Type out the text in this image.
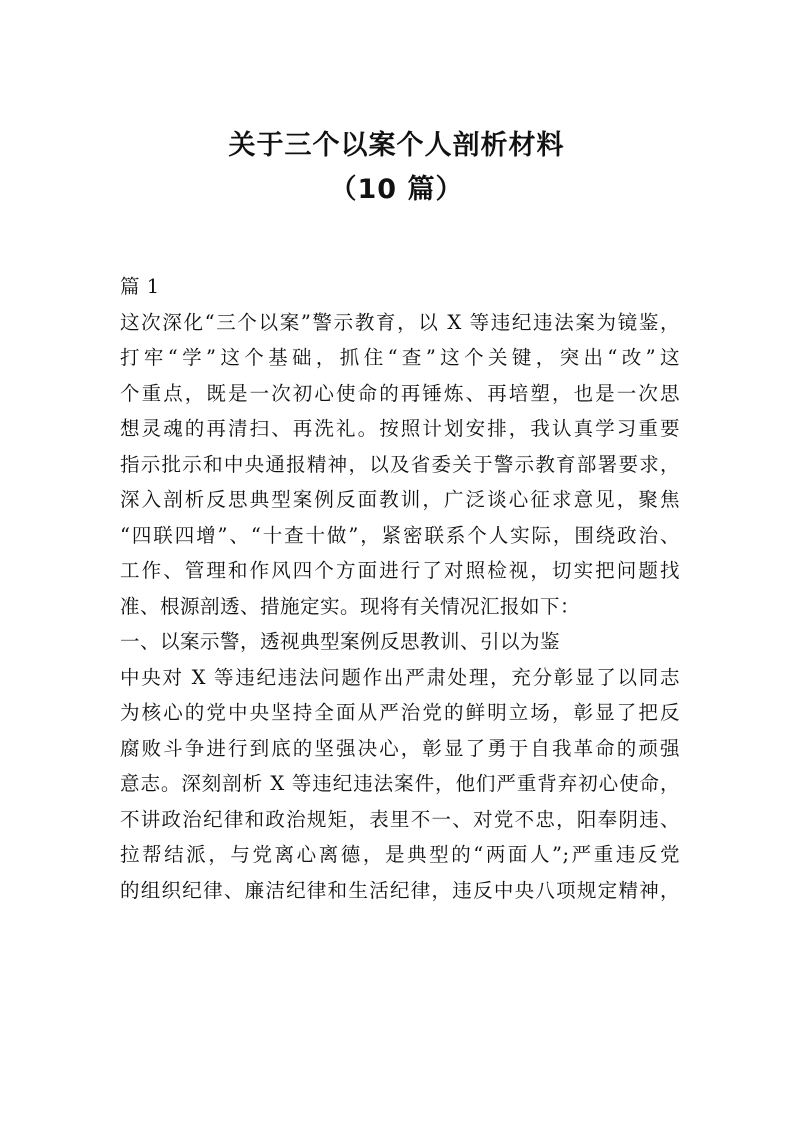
关于三个以案个人剖析材料
（10 篇）
篇 1
这次深化“三个以案”警示教育，以 X 等违纪违法案为镜鉴，
打牢“学”这个基础，抓住“查”这个关键，突出“改”这
个重点，既是一次初心使命的再锤炼、再培塑，也是一次思
想灵魂的再清扫、再洗礼。按照计划安排，我认真学习重要
指示批示和中央通报精神，以及省委关于警示教育部署要求，
深入剖析反思典型案例反面教训，广泛谈心征求意见，聚焦
“四联四增”、“十查十做”，紧密联系个人实际，围绕政治、
工作、管理和作风四个方面进行了对照检视，切实把问题找
准、根源剖透、措施定实。现将有关情况汇报如下：
一、以案示警，透视典型案例反思教训、引以为鉴
中央对 X 等违纪违法问题作出严肃处理，充分彰显了以同志
为核心的党中央坚持全面从严治党的鲜明立场，彰显了把反
腐败斗争进行到底的坚强决心，彰显了勇于自我革命的顽强
意志。深刻剖析 X 等违纪违法案件，他们严重背弃初心使命，
不讲政治纪律和政治规矩，表里不一、对党不忠，阳奉阴违、
拉帮结派，与党离心离德，是典型的“两面人”;严重违反党
的组织纪律、廉洁纪律和生活纪律，违反中央八项规定精神，
